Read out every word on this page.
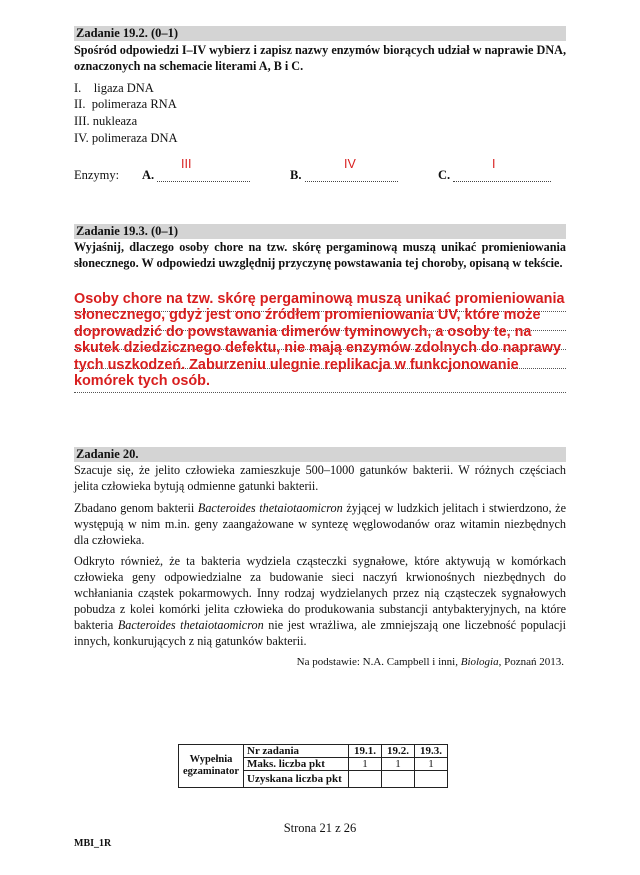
Zadanie 19.2. (0–1)
Spośród odpowiedzi I–IV wybierz i zapisz nazwy enzymów biorących udział w naprawie DNA, oznaczonych na schemacie literami A, B i C.
I. ligaza DNA
II. polimeraza RNA
III. nukleaza
IV. polimeraza DNA
Enzymy: A.
III
B.
IV
C.
I
Zadanie 19.3. (0–1)
Wyjaśnij, dlaczego osoby chore na tzw. skórę pergaminową muszą unikać promieniowania słonecznego. W odpowiedzi uwzględnij przyczynę powstawania tej choroby, opisaną w tekście.
Osoby chore na tzw. skórę pergaminową muszą unikać promieniowania
słonecznego, gdyż jest ono źródłem promieniowania UV, które może
doprowadzić do powstawania dimerów tyminowych, a osoby te, na
skutek dziedzicznego defektu, nie mają enzymów zdolnych do naprawy
tych uszkodzeń. Zaburzeniu ulegnie replikacja w funkcjonowanie
komórek tych osób.
Zadanie 20.

Szacuje się, że jelito człowieka zamieszkuje 500–1000 gatunków bakterii. W różnych częściach jelita człowieka bytują odmienne gatunki bakterii.

Zbadano genom bakterii Bacteroides thetaiotaomicron żyjącej w ludzkich jelitach i stwierdzono, że występują w nim m.in. geny zaangażowane w syntezę węglowodanów oraz witamin niezbędnych dla człowieka.

Odkryto również, że ta bakteria wydziela cząsteczki sygnałowe, które aktywują w komórkach człowieka geny odpowiedzialne za budowanie sieci naczyń krwionośnych niezbędnych do wchłaniania cząstek pokarmowych. Inny rodzaj wydzielanych przez nią cząsteczek sygnałowych pobudza z kolei komórki jelita człowieka do produkowania substancji antybakteryjnych, na które bakteria Bacteroides thetaiotaomicron nie jest wrażliwa, ale zmniejszają one liczebność populacji innych, konkurujących z nią gatunków bakterii.

Na podstawie: N.A. Campbell i inni, Biologia, Poznań 2013.
Wypełnia egzaminator	Nr zadania	19.1.	19.2.	19.3.
	Maks. liczba pkt	1	1	1
	Uzyskana liczba pkt			
Strona 21 z 26
MBI_1R
